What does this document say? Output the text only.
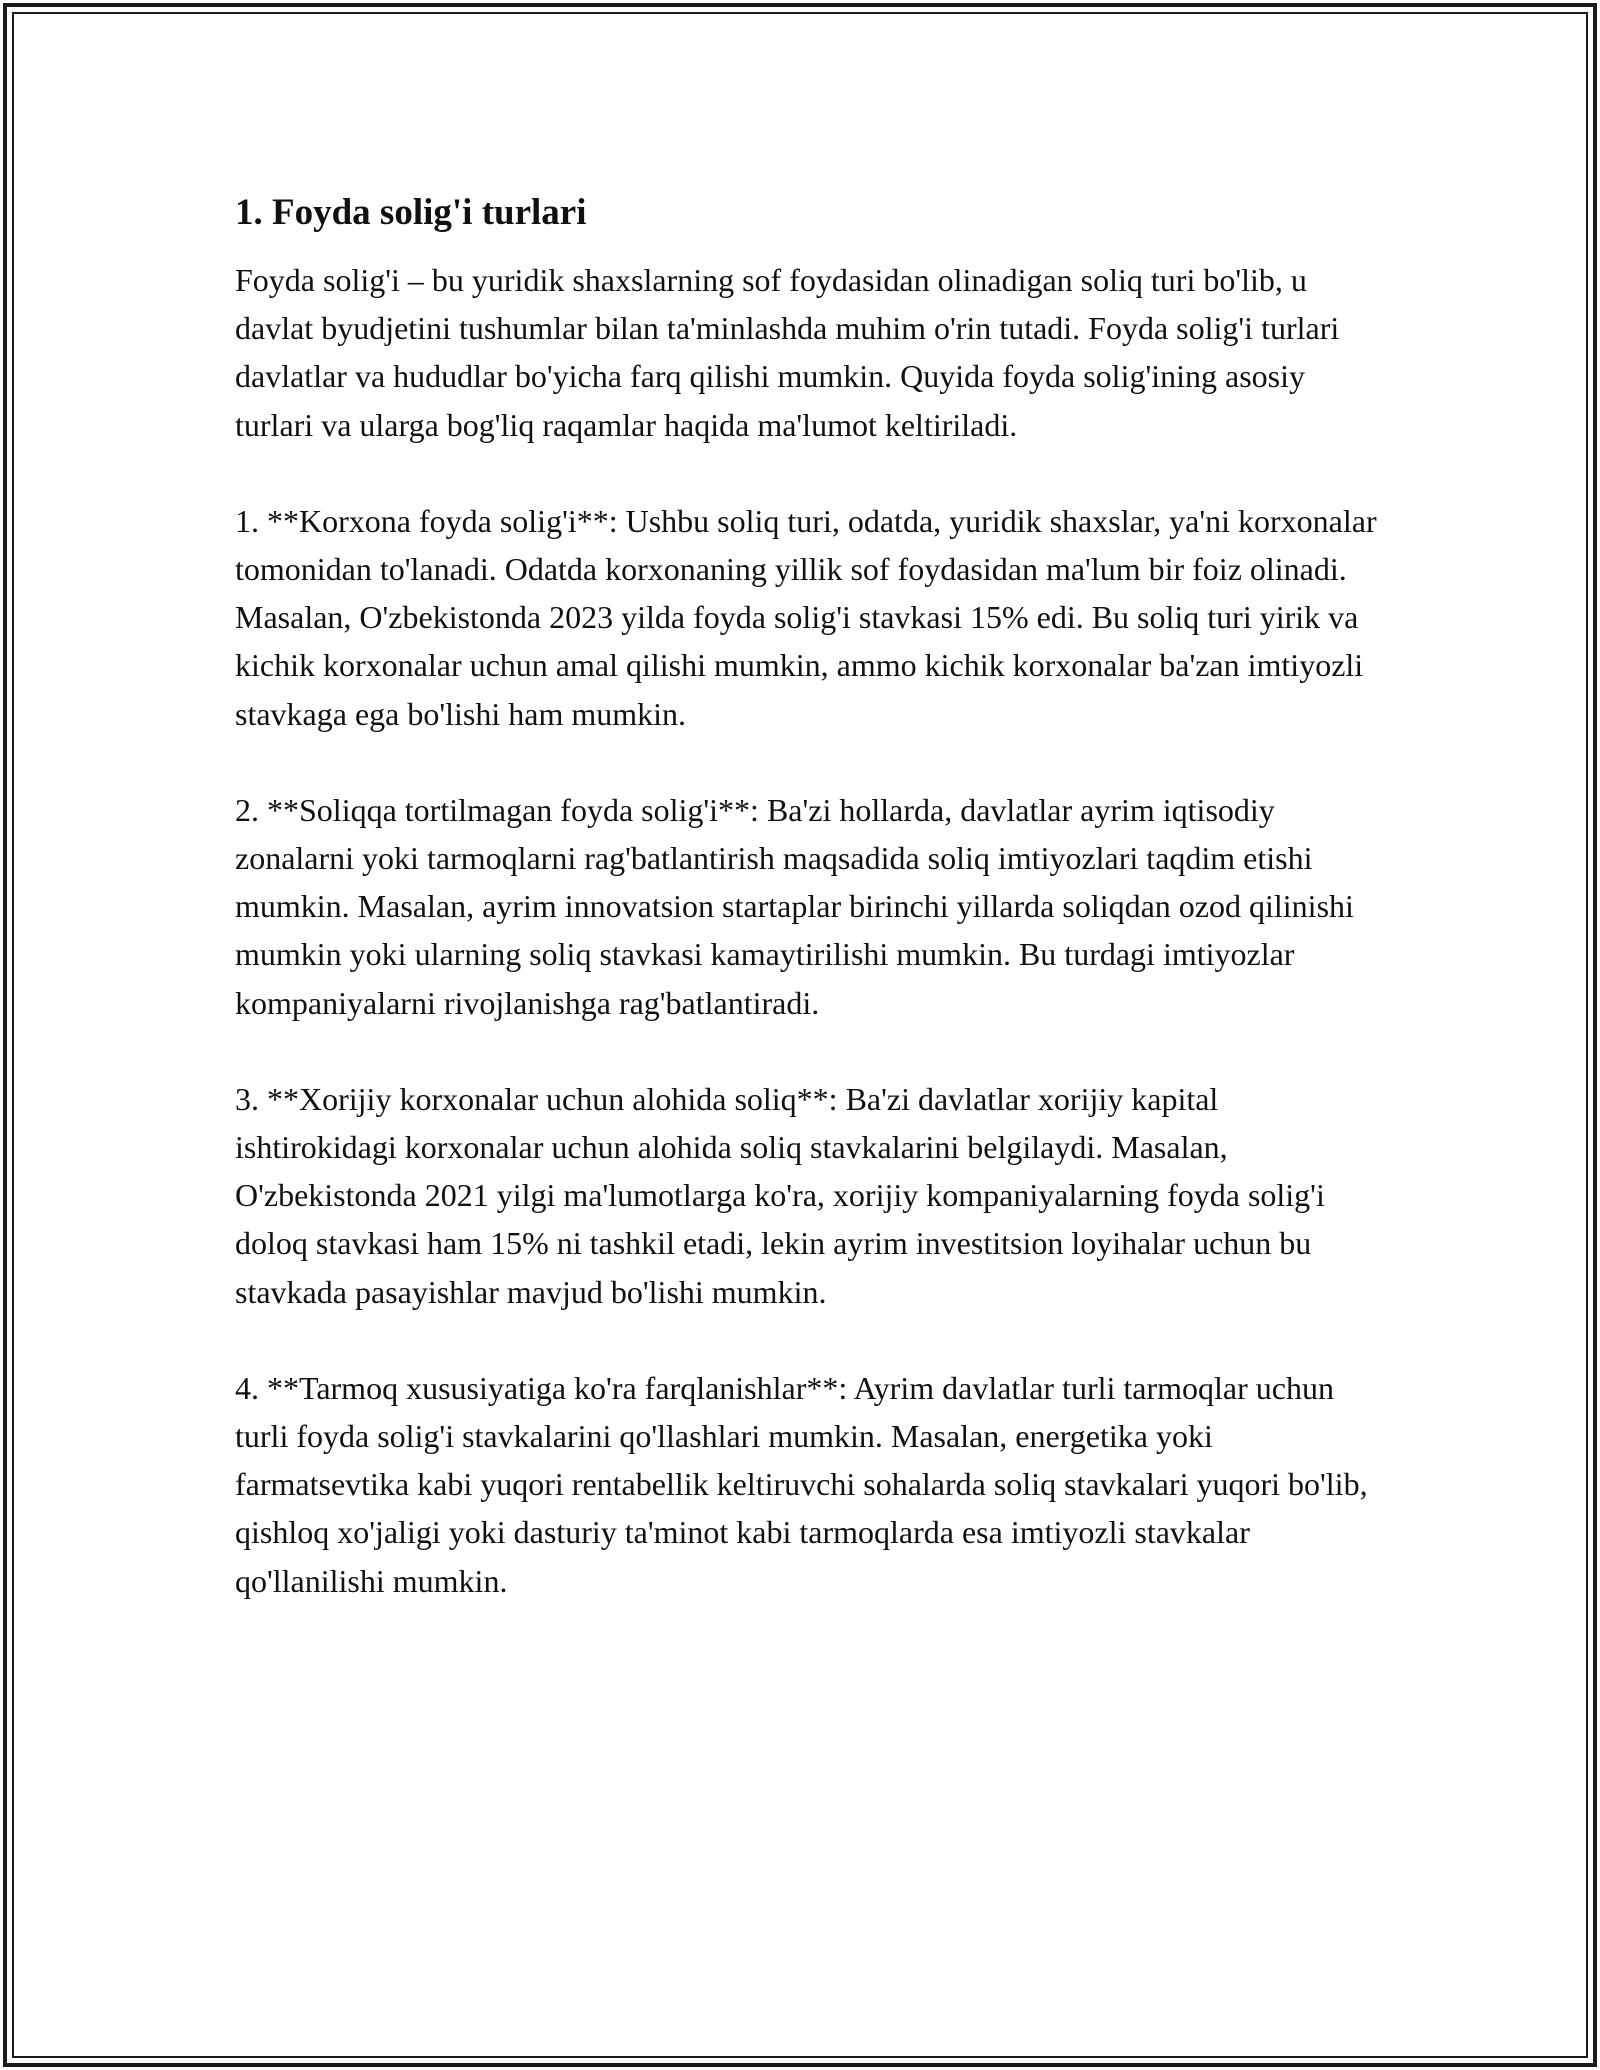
1. Foyda solig'i turlari

Foyda solig'i – bu yuridik shaxslarning sof foydasidan olinadigan soliq turi bo'lib, u davlat byudjetini tushumlar bilan ta'minlashda muhim o'rin tutadi. Foyda solig'i turlari davlatlar va hududlar bo'yicha farq qilishi mumkin. Quyida foyda solig'ining asosiy turlari va ularga bog'liq raqamlar haqida ma'lumot keltiriladi.

1. **Korxona foyda solig'i**: Ushbu soliq turi, odatda, yuridik shaxslar, ya'ni korxonalar tomonidan to'lanadi. Odatda korxonaning yillik sof foydasidan ma'lum bir foiz olinadi. Masalan, O'zbekistonda 2023 yilda foyda solig'i stavkasi 15% edi. Bu soliq turi yirik va kichik korxonalar uchun amal qilishi mumkin, ammo kichik korxonalar ba'zan imtiyozli stavkaga ega bo'lishi ham mumkin.

2. **Soliqqa tortilmagan foyda solig'i**: Ba'zi hollarda, davlatlar ayrim iqtisodiy zonalarni yoki tarmoqlarni rag'batlantirish maqsadida soliq imtiyozlari taqdim etishi mumkin. Masalan, ayrim innovatsion startaplar birinchi yillarda soliqdan ozod qilinishi mumkin yoki ularning soliq stavkasi kamaytirilishi mumkin. Bu turdagi imtiyozlar kompaniyalarni rivojlanishga rag'batlantiradi.

3. **Xorijiy korxonalar uchun alohida soliq**: Ba'zi davlatlar xorijiy kapital ishtirokidagi korxonalar uchun alohida soliq stavkalarini belgilaydi. Masalan, O'zbekistonda 2021 yilgi ma'lumotlarga ko'ra, xorijiy kompaniyalarning foyda solig'i doloq stavkasi ham 15% ni tashkil etadi, lekin ayrim investitsion loyihalar uchun bu stavkada pasayishlar mavjud bo'lishi mumkin.

4. **Tarmoq xususiyatiga ko'ra farqlanishlar**: Ayrim davlatlar turli tarmoqlar uchun turli foyda solig'i stavkalarini qo'llashlari mumkin. Masalan, energetika yoki farmatsevtika kabi yuqori rentabellik keltiruvchi sohalarda soliq stavkalari yuqori bo'lib, qishloq xo'jaligi yoki dasturiy ta'minot kabi tarmoqlarda esa imtiyozli stavkalar qo'llanilishi mumkin.
